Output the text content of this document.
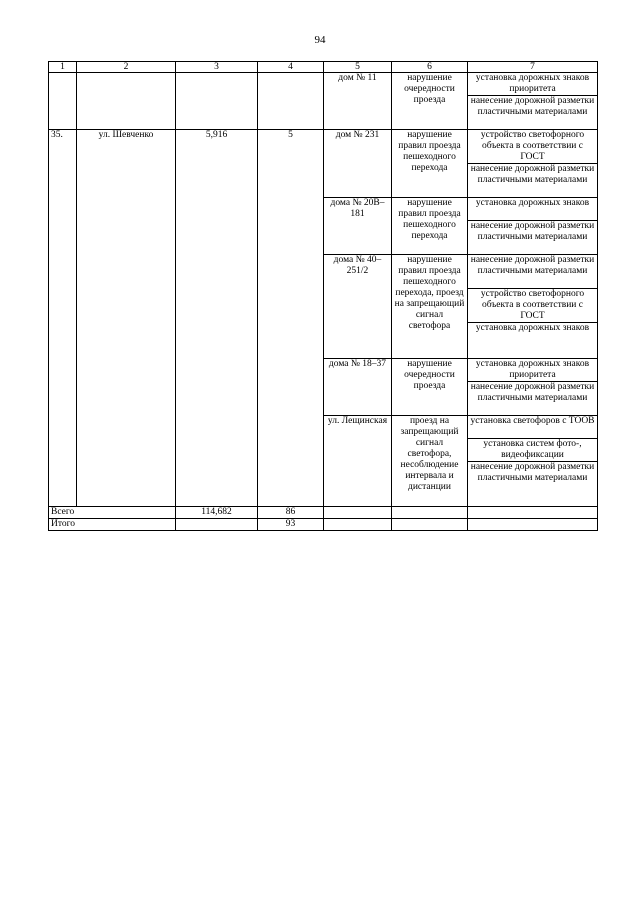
94
1	2	3	4	5	6	7
				дом № 11	нарушение очередности проезда	установка дорожных знаков приоритета
						нанесение дорожной разметки пластичными материалами
35.	ул. Шевченко	5,916	5	дом № 231	нарушение правил проезда пешеходного перехода	устройство светофорного объекта в соответствии с ГОСТ
						нанесение дорожной разметки пластичными материалами
				дома № 20В–181	нарушение правил проезда пешеходного перехода	установка дорожных знаков
						нанесение дорожной разметки пластичными материалами
				дома № 40–251/2	нарушение правил проезда пешеходного перехода, проезд на запрещающий сигнал светофора	нанесение дорожной разметки пластичными материалами
						устройство светофорного объекта в соответствии с ГОСТ
						установка дорожных знаков
				дома № 18–37	нарушение очередности проезда	установка дорожных знаков приоритета
						нанесение дорожной разметки пластичными материалами
				ул. Лещинская	проезд на запрещающий сигнал светофора, несоблюдение интервала и дистанции	установка светофоров с ТООВ
						установка систем фото-, видеофиксации
						нанесение дорожной разметки пластичными материалами
Всего		114,682	86			
Итого			93			
